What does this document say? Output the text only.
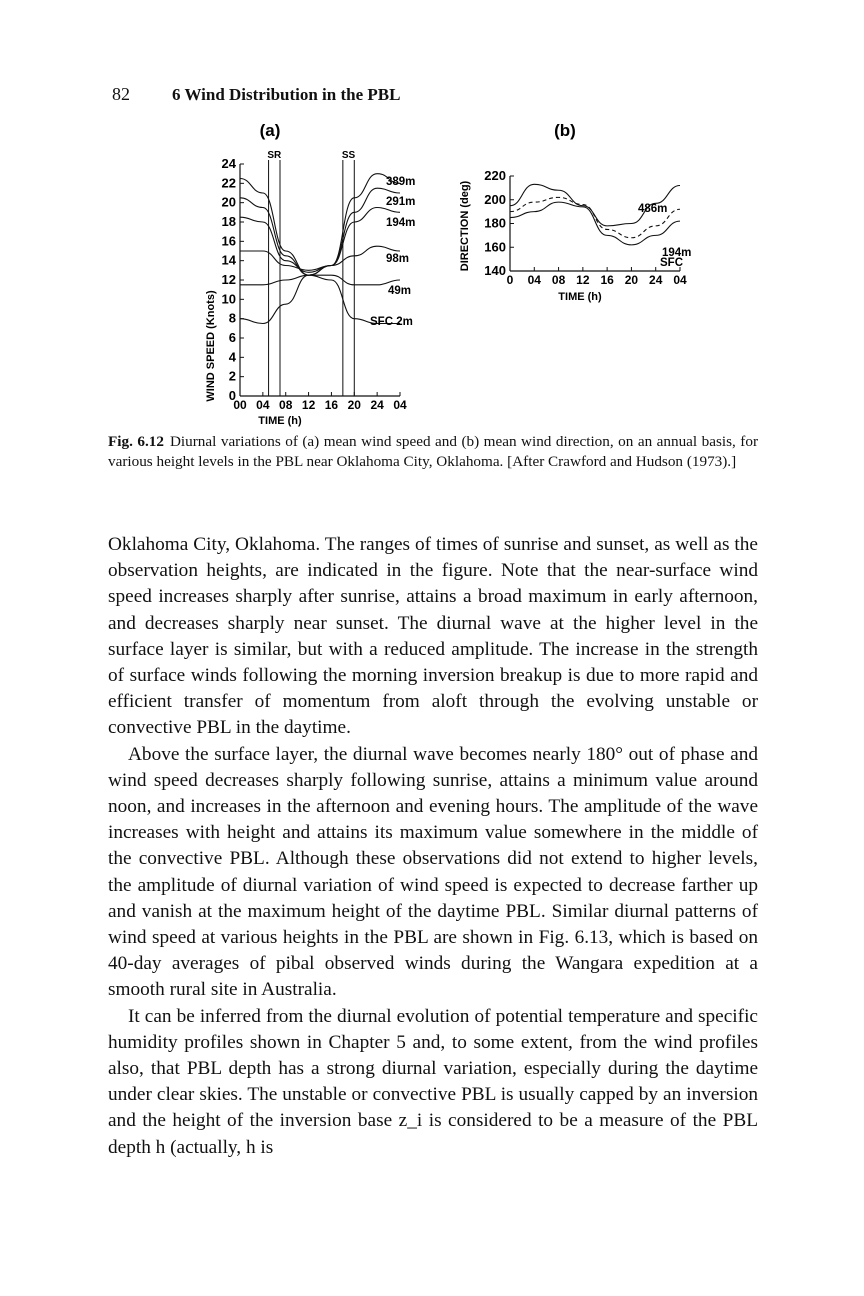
82 6 Wind Distribution in the PBL
(a)
WIND SPEED (Knots)
TIME (h)
0
2
4
6
8
10
12
14
16
18
20
22
24
00 04 08 12 16 20 24 04
SR	SS
389m
291m
194m
98m
49m
SFC 2m
(b)
DIRECTION (deg)
TIME (h)
140
160
180
200
220
0 04 08 12 16 20 24 04
486m
194m
SFC
Fig. 6.12 Diurnal variations of (a) mean wind speed and (b) mean wind direction, on an annual basis, for various height levels in the PBL near Oklahoma City, Oklahoma. [After Crawford and Hudson (1973).]

Oklahoma City, Oklahoma. The ranges of times of sunrise and sunset, as well as the observation heights, are indicated in the figure. Note that the near-surface wind speed increases sharply after sunrise, attains a broad maximum in early afternoon, and decreases sharply near sunset. The diurnal wave at the higher level in the surface layer is similar, but with a reduced amplitude. The increase in the strength of surface winds following the morning inversion breakup is due to more rapid and efficient transfer of momentum from aloft through the evolving unstable or convective PBL in the daytime.

Above the surface layer, the diurnal wave becomes nearly 180° out of phase and wind speed decreases sharply following sunrise, attains a minimum value around noon, and increases in the afternoon and evening hours. The amplitude of the wave increases with height and attains its maximum value somewhere in the middle of the convective PBL. Although these observations did not extend to higher levels, the amplitude of diurnal variation of wind speed is expected to decrease farther up and vanish at the maximum height of the daytime PBL. Similar diurnal patterns of wind speed at various heights in the PBL are shown in Fig. 6.13, which is based on 40-day averages of pibal observed winds during the Wangara expedition at a smooth rural site in Australia.

It can be inferred from the diurnal evolution of potential temperature and specific humidity profiles shown in Chapter 5 and, to some extent, from the wind profiles also, that PBL depth has a strong diurnal variation, especially during the daytime under clear skies. The unstable or convective PBL is usually capped by an inversion and the height of the inversion base z_i is considered to be a measure of the PBL depth h (actually, h is
